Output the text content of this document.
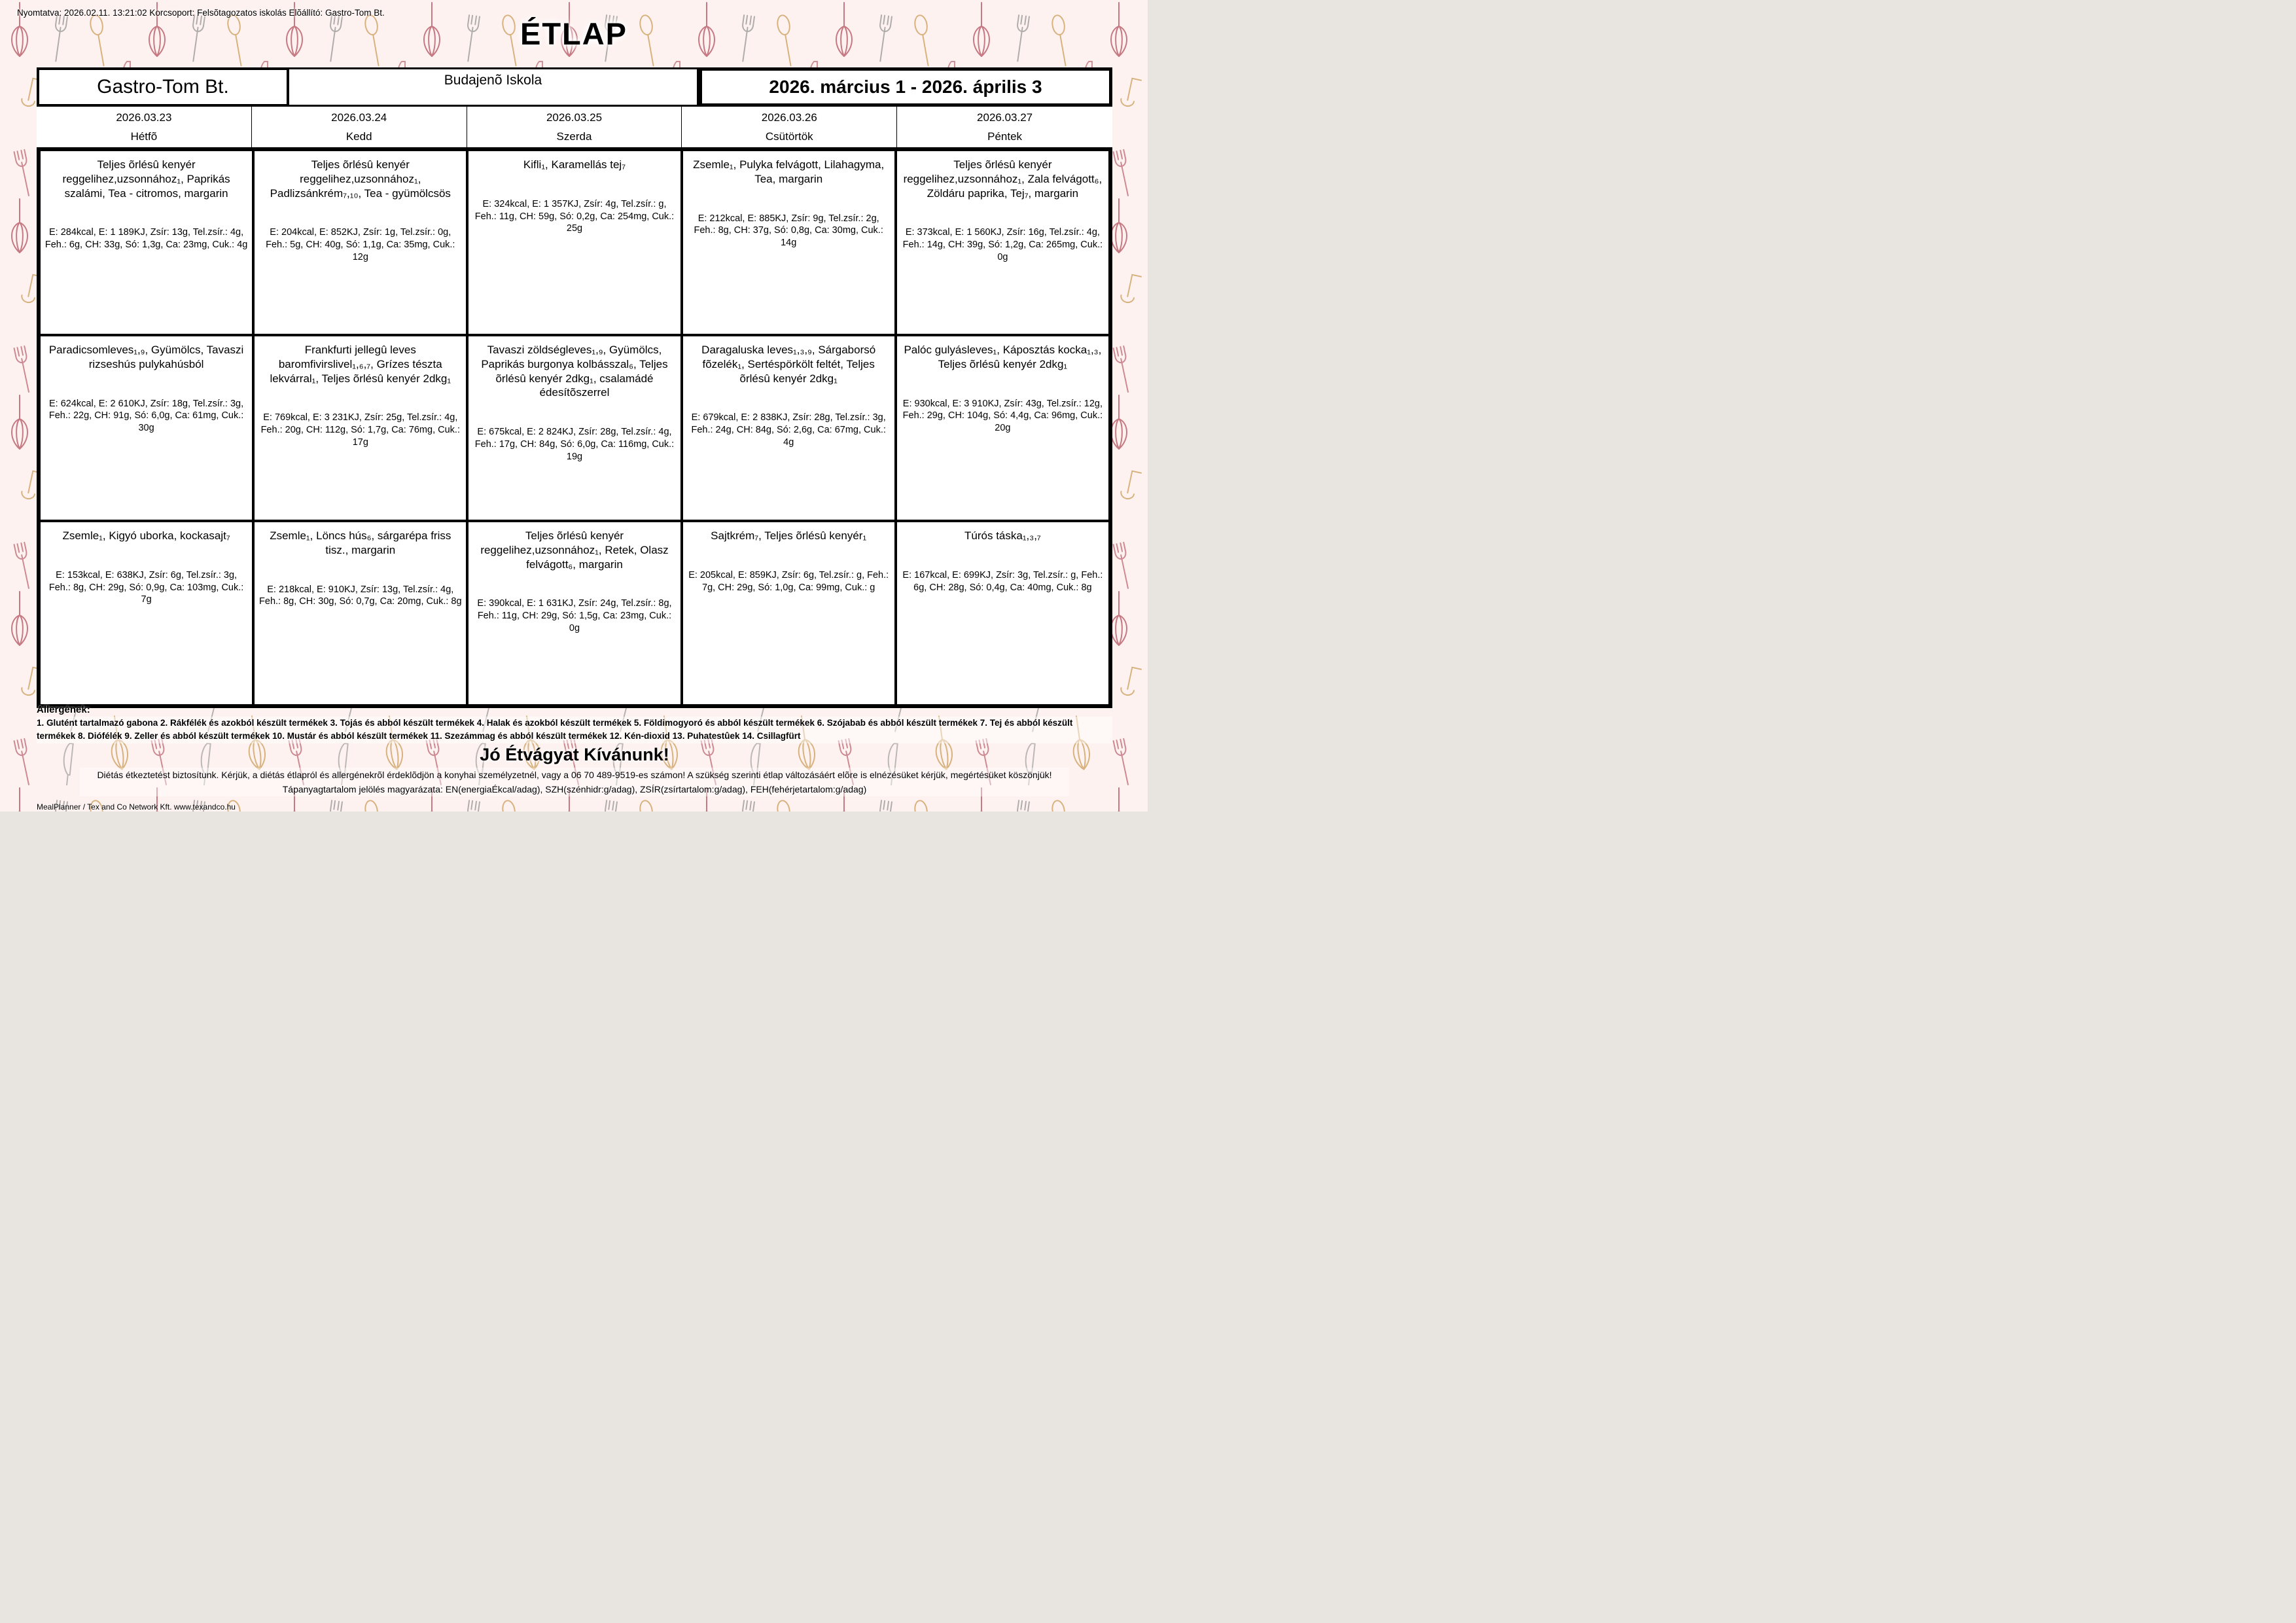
Nyomtatva: 2026.02.11. 13:21:02 Korcsoport: Felsõtagozatos iskolás Elõállító: Gastro-Tom Bt.
ÉTLAP
Gastro-Tom Bt.	Budajenõ Iskola	2026. március 1 - 2026. április 3
2026.03.23
Hétfõ
2026.03.24
Kedd
2026.03.25
Szerda
2026.03.26
Csütörtök
2026.03.27
Péntek
Teljes õrlésû kenyér reggelihez,uzsonnához₁, Paprikás szalámi, Tea - citromos, margarin
E: 284kcal, E: 1 189KJ, Zsír: 13g, Tel.zsír.: 4g, Feh.: 6g, CH: 33g, Só: 1,3g, Ca: 23mg, Cuk.: 4g
Teljes õrlésû kenyér reggelihez,uzsonnához₁, Padlizsánkrém₇,₁₀, Tea - gyümölcsös
E: 204kcal, E: 852KJ, Zsír: 1g, Tel.zsír.: 0g, Feh.: 5g, CH: 40g, Só: 1,1g, Ca: 35mg, Cuk.: 12g
Kifli₁, Karamellás tej₇
E: 324kcal, E: 1 357KJ, Zsír: 4g, Tel.zsír.: g, Feh.: 11g, CH: 59g, Só: 0,2g, Ca: 254mg, Cuk.: 25g
Zsemle₁, Pulyka felvágott, Lilahagyma, Tea, margarin
E: 212kcal, E: 885KJ, Zsír: 9g, Tel.zsír.: 2g, Feh.: 8g, CH: 37g, Só: 0,8g, Ca: 30mg, Cuk.: 14g
Teljes õrlésû kenyér reggelihez,uzsonnához₁, Zala felvágott₆, Zöldáru paprika, Tej₇, margarin
E: 373kcal, E: 1 560KJ, Zsír: 16g, Tel.zsír.: 4g, Feh.: 14g, CH: 39g, Só: 1,2g, Ca: 265mg, Cuk.: 0g
Paradicsomleves₁,₉, Gyümölcs, Tavaszi rizseshús pulykahúsból
E: 624kcal, E: 2 610KJ, Zsír: 18g, Tel.zsír.: 3g, Feh.: 22g, CH: 91g, Só: 6,0g, Ca: 61mg, Cuk.: 30g
Frankfurti jellegû leves baromfivirslivel₁,₆,₇, Grízes tészta lekvárral₁, Teljes õrlésû kenyér 2dkg₁
E: 769kcal, E: 3 231KJ, Zsír: 25g, Tel.zsír.: 4g, Feh.: 20g, CH: 112g, Só: 1,7g, Ca: 76mg, Cuk.: 17g
Tavaszi zöldségleves₁,₉, Gyümölcs, Paprikás burgonya kolbásszal₆, Teljes õrlésû kenyér 2dkg₁, csalamádé édesítõszerrel
E: 675kcal, E: 2 824KJ, Zsír: 28g, Tel.zsír.: 4g, Feh.: 17g, CH: 84g, Só: 6,0g, Ca: 116mg, Cuk.: 19g
Daragaluska leves₁,₃,₉, Sárgaborsó fõzelék₁, Sertéspörkölt feltét, Teljes õrlésû kenyér 2dkg₁
E: 679kcal, E: 2 838KJ, Zsír: 28g, Tel.zsír.: 3g, Feh.: 24g, CH: 84g, Só: 2,6g, Ca: 67mg, Cuk.: 4g
Palóc gulyásleves₁, Káposztás kocka₁,₃, Teljes õrlésû kenyér 2dkg₁
E: 930kcal, E: 3 910KJ, Zsír: 43g, Tel.zsír.: 12g, Feh.: 29g, CH: 104g, Só: 4,4g, Ca: 96mg, Cuk.: 20g
Zsemle₁, Kigyó uborka, kockasajt₇
E: 153kcal, E: 638KJ, Zsír: 6g, Tel.zsír.: 3g, Feh.: 8g, CH: 29g, Só: 0,9g, Ca: 103mg, Cuk.: 7g
Zsemle₁, Löncs hús₆, sárgarépa friss tisz., margarin
E: 218kcal, E: 910KJ, Zsír: 13g, Tel.zsír.: 4g, Feh.: 8g, CH: 30g, Só: 0,7g, Ca: 20mg, Cuk.: 8g
Teljes õrlésû kenyér reggelihez,uzsonnához₁, Retek, Olasz felvágott₆, margarin
E: 390kcal, E: 1 631KJ, Zsír: 24g, Tel.zsír.: 8g, Feh.: 11g, CH: 29g, Só: 1,5g, Ca: 23mg, Cuk.: 0g
Sajtkrém₇, Teljes õrlésû kenyér₁
E: 205kcal, E: 859KJ, Zsír: 6g, Tel.zsír.: g, Feh.: 7g, CH: 29g, Só: 1,0g, Ca: 99mg, Cuk.: g
Túrós táska₁,₃,₇
E: 167kcal, E: 699KJ, Zsír: 3g, Tel.zsír.: g, Feh.: 6g, CH: 28g, Só: 0,4g, Ca: 40mg, Cuk.: 8g
Allergének:
1. Glutént tartalmazó gabona 2. Rákfélék és azokból készült termékek 3. Tojás és abból készült termékek 4. Halak és azokból készült termékek 5. Földimogyoró és abból készült termékek 6. Szójabab és abból készült termékek 7. Tej és abból készült termékek 8. Diófélék 9. Zeller és abból készült termékek 10. Mustár és abból készült termékek 11. Szezámmag és abból készült termékek 12. Kén-dioxid 13. Puhatestûek 14. Csillagfürt
Jó Étvágyat Kívánunk!
Diétás étkeztetést biztosítunk. Kérjük, a diétás étlapról és allergénekrõl érdeklõdjön a konyhai személyzetnél, vagy a 06 70 489-9519-es számon! A szükség szerinti étlap változásáért elõre is elnézésüket kérjük, megértésüket köszönjük! Tápanyagtartalom jelölés magyarázata: EN(energiaÉkcal/adag), SZH(szénhidr:g/adag), ZSÍR(zsírtartalom:g/adag), FEH(fehérjetartalom:g/adag)
MealPlanner / Tex and Co Network Kft. www.texandco.hu
